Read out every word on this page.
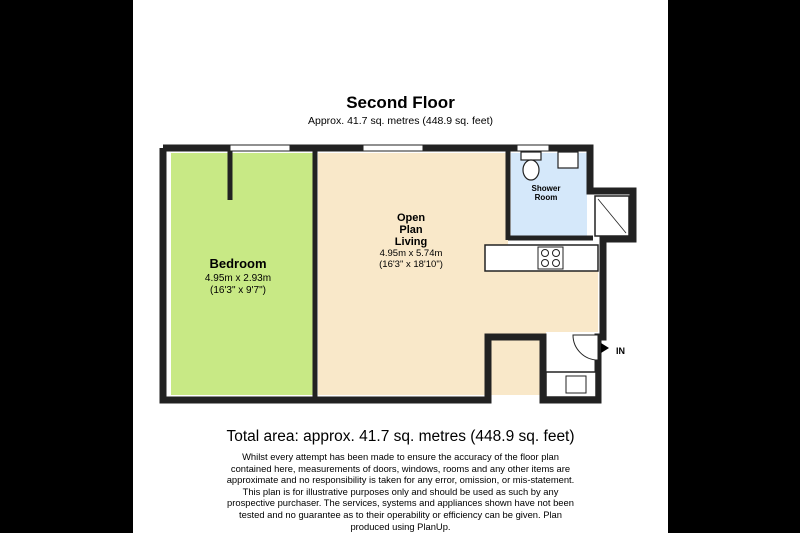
Second Floor
Approx. 41.7 sq. metres (448.9 sq. feet)
Bedroom
4.95m x 2.93m
(16'3" x 9'7")
Open
Plan
Living
4.95m x 5.74m
(16'3" x 18'10")
Shower
Room
IN
Total area: approx. 41.7 sq. metres (448.9 sq. feet)
Whilst every attempt has been made to ensure the accuracy of the floor plan contained here, measurements of doors, windows, rooms and any other items are approximate and no responsibility is taken for any error, omission, or mis-statement. This plan is for illustrative purposes only and should be used as such by any prospective purchaser. The services, systems and appliances shown have not been tested and no guarantee as to their operability or efficiency can be given. Plan produced using PlanUp.
